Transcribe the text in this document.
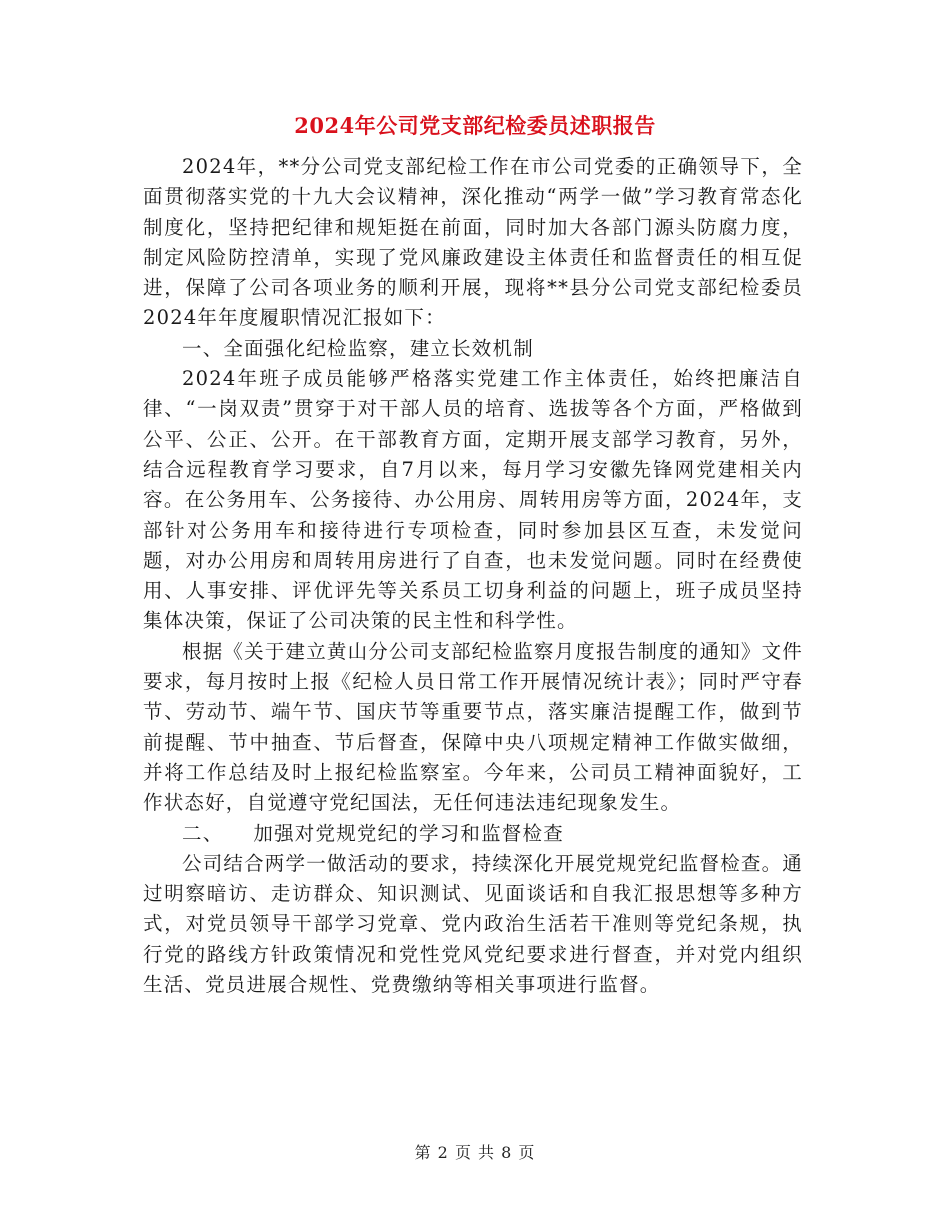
2024年公司党支部纪检委员述职报告

2024年，**分公司党支部纪检工作在市公司党委的正确领导下，全面贯彻落实党的十九大会议精神，深化推动“两学一做”学习教育常态化制度化，坚持把纪律和规矩挺在前面，同时加大各部门源头防腐力度，制定风险防控清单，实现了党风廉政建设主体责任和监督责任的相互促进，保障了公司各项业务的顺利开展，现将**县分公司党支部纪检委员2024年年度履职情况汇报如下：

一、全面强化纪检监察，建立长效机制

2024年班子成员能够严格落实党建工作主体责任，始终把廉洁自律、“一岗双责”贯穿于对干部人员的培育、选拔等各个方面，严格做到公平、公正、公开。在干部教育方面，定期开展支部学习教育，另外，结合远程教育学习要求，自7月以来，每月学习安徽先锋网党建相关内容。在公务用车、公务接待、办公用房、周转用房等方面，2024年，支部针对公务用车和接待进行专项检查，同时参加县区互查，未发觉问题，对办公用房和周转用房进行了自查，也未发觉问题。同时在经费使用、人事安排、评优评先等关系员工切身利益的问题上，班子成员坚持集体决策，保证了公司决策的民主性和科学性。

根据《关于建立黄山分公司支部纪检监察月度报告制度的通知》文件要求，每月按时上报《纪检人员日常工作开展情况统计表》；同时严守春节、劳动节、端午节、国庆节等重要节点，落实廉洁提醒工作，做到节前提醒、节中抽查、节后督查，保障中央八项规定精神工作做实做细，并将工作总结及时上报纪检监察室。今年来，公司员工精神面貌好，工作状态好，自觉遵守党纪国法，无任何违法违纪现象发生。

二、 加强对党规党纪的学习和监督检查

公司结合两学一做活动的要求，持续深化开展党规党纪监督检查。通过明察暗访、走访群众、知识测试、见面谈话和自我汇报思想等多种方式，对党员领导干部学习党章、党内政治生活若干准则等党纪条规，执行党的路线方针政策情况和党性党风党纪要求进行督查，并对党内组织生活、党员进展合规性、党费缴纳等相关事项进行监督。

第 2 页 共 8 页
